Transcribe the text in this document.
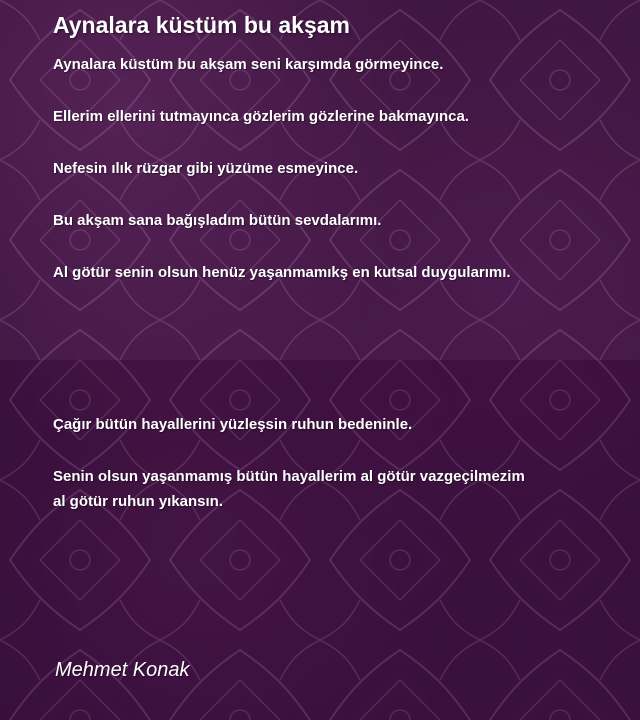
Aynalara küstüm bu akşam
Aynalara küstüm bu akşam seni karşımda görmeyince.
Ellerim ellerini tutmayınca gözlerim gözlerine bakmayınca.
Nefesin ılık rüzgar gibi yüzüme esmeyince.
Bu akşam sana bağışladım bütün sevdalarımı.
Al götür senin olsun henüz yaşanmamıkş en kutsal duygularımı.
Çağır bütün hayallerini yüzleşsin ruhun bedeninle.
Senin olsun yaşanmamış bütün hayallerim al götür vazgeçilmezim
al götür ruhun yıkansın.
Mehmet Konak
